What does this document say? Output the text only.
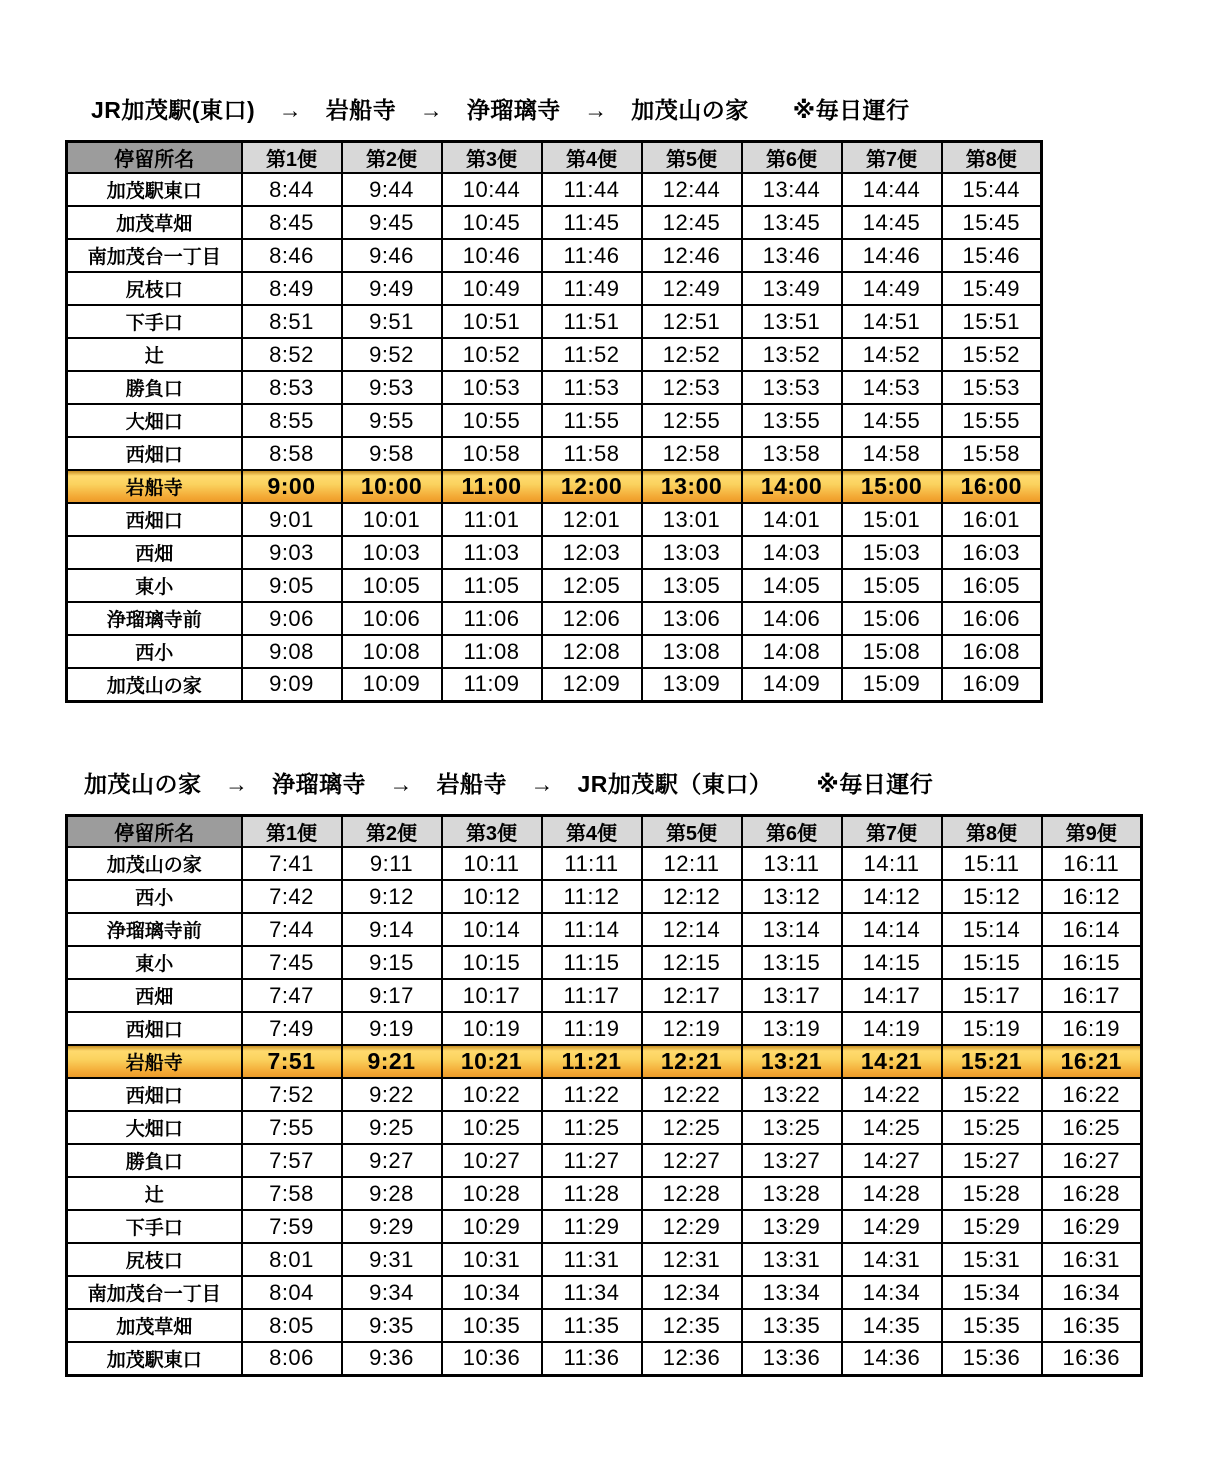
JR加茂駅(東口)　→　岩船寺　→　浄瑠璃寺　→　加茂山の家 ※毎日運行
停留所名	第1便	第2便	第3便	第4便	第5便	第6便	第7便	第8便
加茂駅東口	8:44	9:44	10:44	11:44	12:44	13:44	14:44	15:44
加茂草畑	8:45	9:45	10:45	11:45	12:45	13:45	14:45	15:45
南加茂台一丁目	8:46	9:46	10:46	11:46	12:46	13:46	14:46	15:46
尻枝口	8:49	9:49	10:49	11:49	12:49	13:49	14:49	15:49
下手口	8:51	9:51	10:51	11:51	12:51	13:51	14:51	15:51
辻	8:52	9:52	10:52	11:52	12:52	13:52	14:52	15:52
勝負口	8:53	9:53	10:53	11:53	12:53	13:53	14:53	15:53
大畑口	8:55	9:55	10:55	11:55	12:55	13:55	14:55	15:55
西畑口	8:58	9:58	10:58	11:58	12:58	13:58	14:58	15:58
岩船寺	9:00	10:00	11:00	12:00	13:00	14:00	15:00	16:00
西畑口	9:01	10:01	11:01	12:01	13:01	14:01	15:01	16:01
西畑	9:03	10:03	11:03	12:03	13:03	14:03	15:03	16:03
東小	9:05	10:05	11:05	12:05	13:05	14:05	15:05	16:05
浄瑠璃寺前	9:06	10:06	11:06	12:06	13:06	14:06	15:06	16:06
西小	9:08	10:08	11:08	12:08	13:08	14:08	15:08	16:08
加茂山の家	9:09	10:09	11:09	12:09	13:09	14:09	15:09	16:09
加茂山の家　→　浄瑠璃寺　→　岩船寺　→　JR加茂駅（東口） ※毎日運行
停留所名	第1便	第2便	第3便	第4便	第5便	第6便	第7便	第8便	第9便
加茂山の家	7:41	9:11	10:11	11:11	12:11	13:11	14:11	15:11	16:11
西小	7:42	9:12	10:12	11:12	12:12	13:12	14:12	15:12	16:12
浄瑠璃寺前	7:44	9:14	10:14	11:14	12:14	13:14	14:14	15:14	16:14
東小	7:45	9:15	10:15	11:15	12:15	13:15	14:15	15:15	16:15
西畑	7:47	9:17	10:17	11:17	12:17	13:17	14:17	15:17	16:17
西畑口	7:49	9:19	10:19	11:19	12:19	13:19	14:19	15:19	16:19
岩船寺	7:51	9:21	10:21	11:21	12:21	13:21	14:21	15:21	16:21
西畑口	7:52	9:22	10:22	11:22	12:22	13:22	14:22	15:22	16:22
大畑口	7:55	9:25	10:25	11:25	12:25	13:25	14:25	15:25	16:25
勝負口	7:57	9:27	10:27	11:27	12:27	13:27	14:27	15:27	16:27
辻	7:58	9:28	10:28	11:28	12:28	13:28	14:28	15:28	16:28
下手口	7:59	9:29	10:29	11:29	12:29	13:29	14:29	15:29	16:29
尻枝口	8:01	9:31	10:31	11:31	12:31	13:31	14:31	15:31	16:31
南加茂台一丁目	8:04	9:34	10:34	11:34	12:34	13:34	14:34	15:34	16:34
加茂草畑	8:05	9:35	10:35	11:35	12:35	13:35	14:35	15:35	16:35
加茂駅東口	8:06	9:36	10:36	11:36	12:36	13:36	14:36	15:36	16:36
